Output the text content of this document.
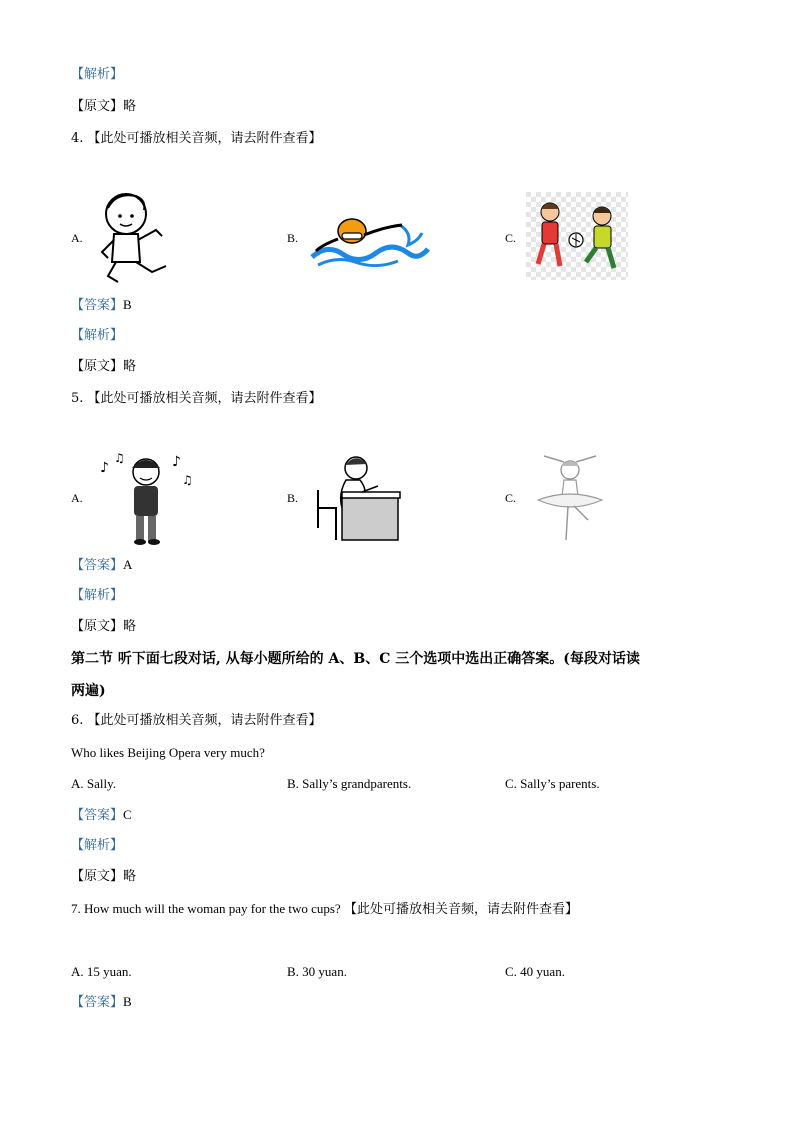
【解析】
【原文】略
4. 【此处可播放相关音频，请去附件查看】
A.	B.	C.
【答案】B
【解析】
【原文】略
5. 【此处可播放相关音频，请去附件查看】
A.
♪
♫	♪
♫
B.	C.
【答案】A
【解析】
【原文】略
第二节 听下面七段对话, 从每小题所给的 A、B、C 三个选项中选出正确答案。(每段对话读
两遍)
6. 【此处可播放相关音频，请去附件查看】
Who likes Beijing Opera very much?
A. Sally.	B. Sally’s grandparents.	C. Sally’s parents.
【答案】C
【解析】
【原文】略
7. How much will the woman pay for the two cups? 【此处可播放相关音频，请去附件查看】
A. 15 yuan.	B. 30 yuan.	C. 40 yuan.
【答案】B
